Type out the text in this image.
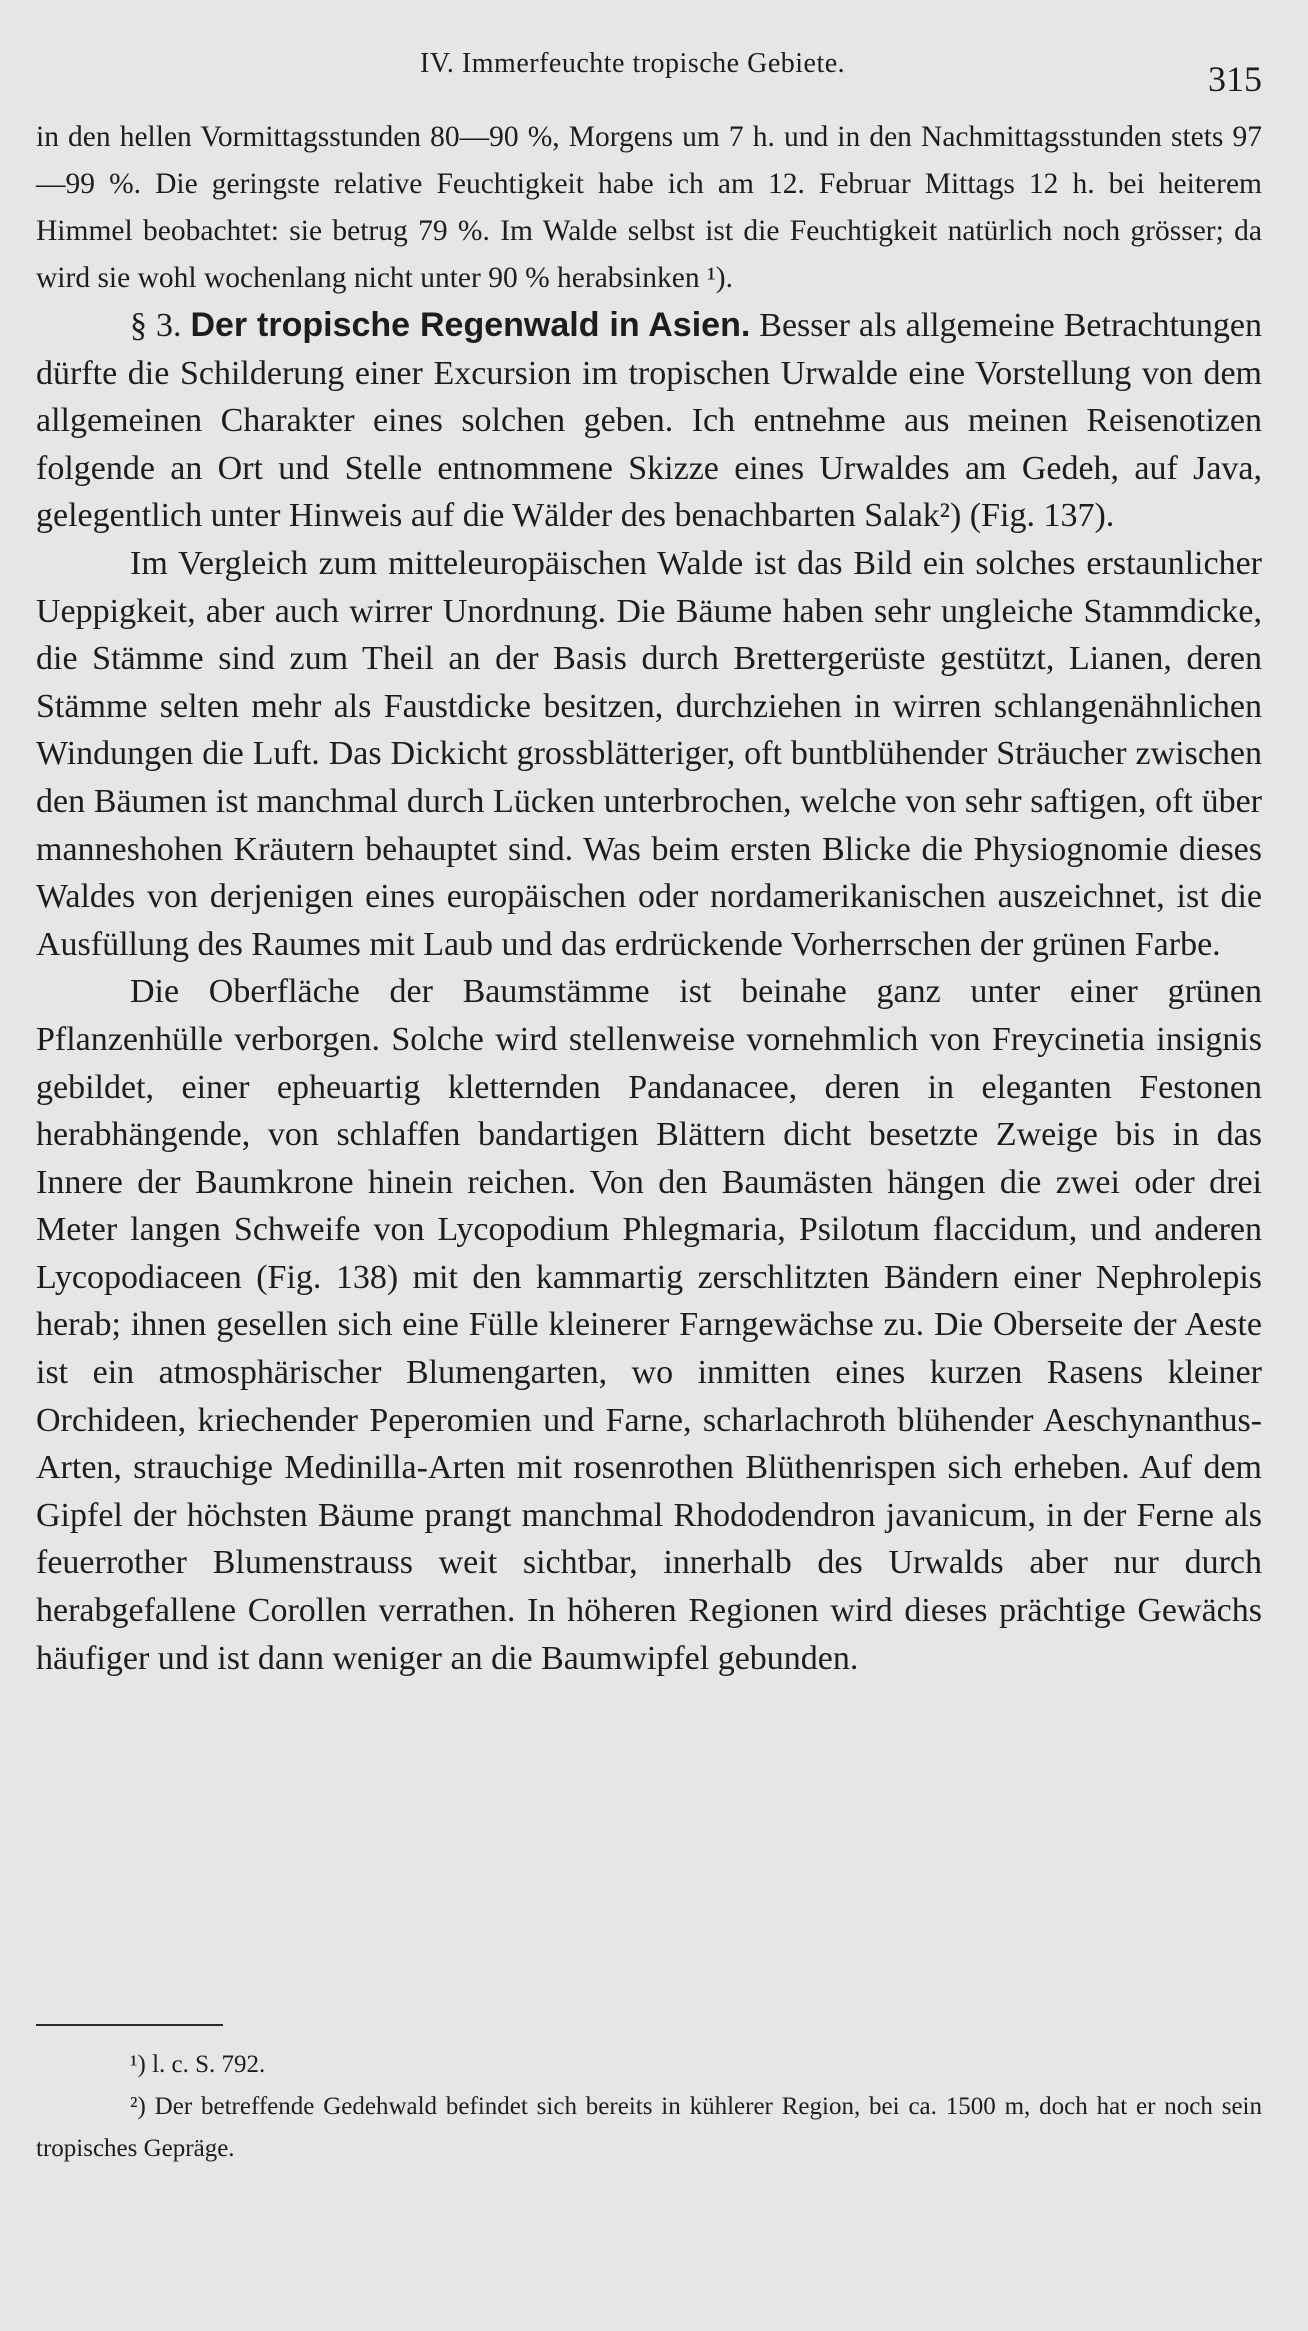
IV. Immerfeuchte tropische Gebiete.	315

in den hellen Vormittagsstunden 80—90 %, Morgens um 7 h. und in den Nachmittagsstunden stets 97—99 %. Die geringste relative Feuchtigkeit habe ich am 12. Februar Mittags 12 h. bei heiterem Himmel beobachtet: sie betrug 79 %. Im Walde selbst ist die Feuchtigkeit natürlich noch grösser; da wird sie wohl wochenlang nicht unter 90 % herabsinken ¹).

§ 3. Der tropische Regenwald in Asien. Besser als allgemeine Betrachtungen dürfte die Schilderung einer Excursion im tropischen Urwalde eine Vorstellung von dem allgemeinen Charakter eines solchen geben. Ich entnehme aus meinen Reisenotizen folgende an Ort und Stelle entnommene Skizze eines Urwaldes am Gedeh, auf Java, gelegentlich unter Hinweis auf die Wälder des benachbarten Salak²) (Fig. 137).

Im Vergleich zum mitteleuropäischen Walde ist das Bild ein solches erstaunlicher Ueppigkeit, aber auch wirrer Unordnung. Die Bäume haben sehr ungleiche Stammdicke, die Stämme sind zum Theil an der Basis durch Brettergerüste gestützt, Lianen, deren Stämme selten mehr als Faustdicke besitzen, durchziehen in wirren schlangenähnlichen Windungen die Luft. Das Dickicht grossblätteriger, oft buntblühender Sträucher zwischen den Bäumen ist manchmal durch Lücken unterbrochen, welche von sehr saftigen, oft über manneshohen Kräutern behauptet sind. Was beim ersten Blicke die Physiognomie dieses Waldes von derjenigen eines europäischen oder nordamerikanischen auszeichnet, ist die Ausfüllung des Raumes mit Laub und das erdrückende Vorherrschen der grünen Farbe.

Die Oberfläche der Baumstämme ist beinahe ganz unter einer grünen Pflanzenhülle verborgen. Solche wird stellenweise vornehmlich von Freycinetia insignis gebildet, einer epheuartig kletternden Pandanacee, deren in eleganten Festonen herabhängende, von schlaffen bandartigen Blättern dicht besetzte Zweige bis in das Innere der Baumkrone hinein reichen. Von den Baumästen hängen die zwei oder drei Meter langen Schweife von Lycopodium Phlegmaria, Psilotum flaccidum, und anderen Lycopodiaceen (Fig. 138) mit den kammartig zerschlitzten Bändern einer Nephrolepis herab; ihnen gesellen sich eine Fülle kleinerer Farngewächse zu. Die Oberseite der Aeste ist ein atmosphärischer Blumengarten, wo inmitten eines kurzen Rasens kleiner Orchideen, kriechender Peperomien und Farne, scharlachroth blühender Aeschynanthus-Arten, strauchige Medinilla-Arten mit rosenrothen Blüthenrispen sich erheben. Auf dem Gipfel der höchsten Bäume prangt manchmal Rhododendron javanicum, in der Ferne als feuerrother Blumenstrauss weit sichtbar, innerhalb des Urwalds aber nur durch herabgefallene Corollen verrathen. In höheren Regionen wird dieses prächtige Gewächs häufiger und ist dann weniger an die Baumwipfel gebunden.

¹) l. c. S. 792.

²) Der betreffende Gedehwald befindet sich bereits in kühlerer Region, bei ca. 1500 m, doch hat er noch sein tropisches Gepräge.
